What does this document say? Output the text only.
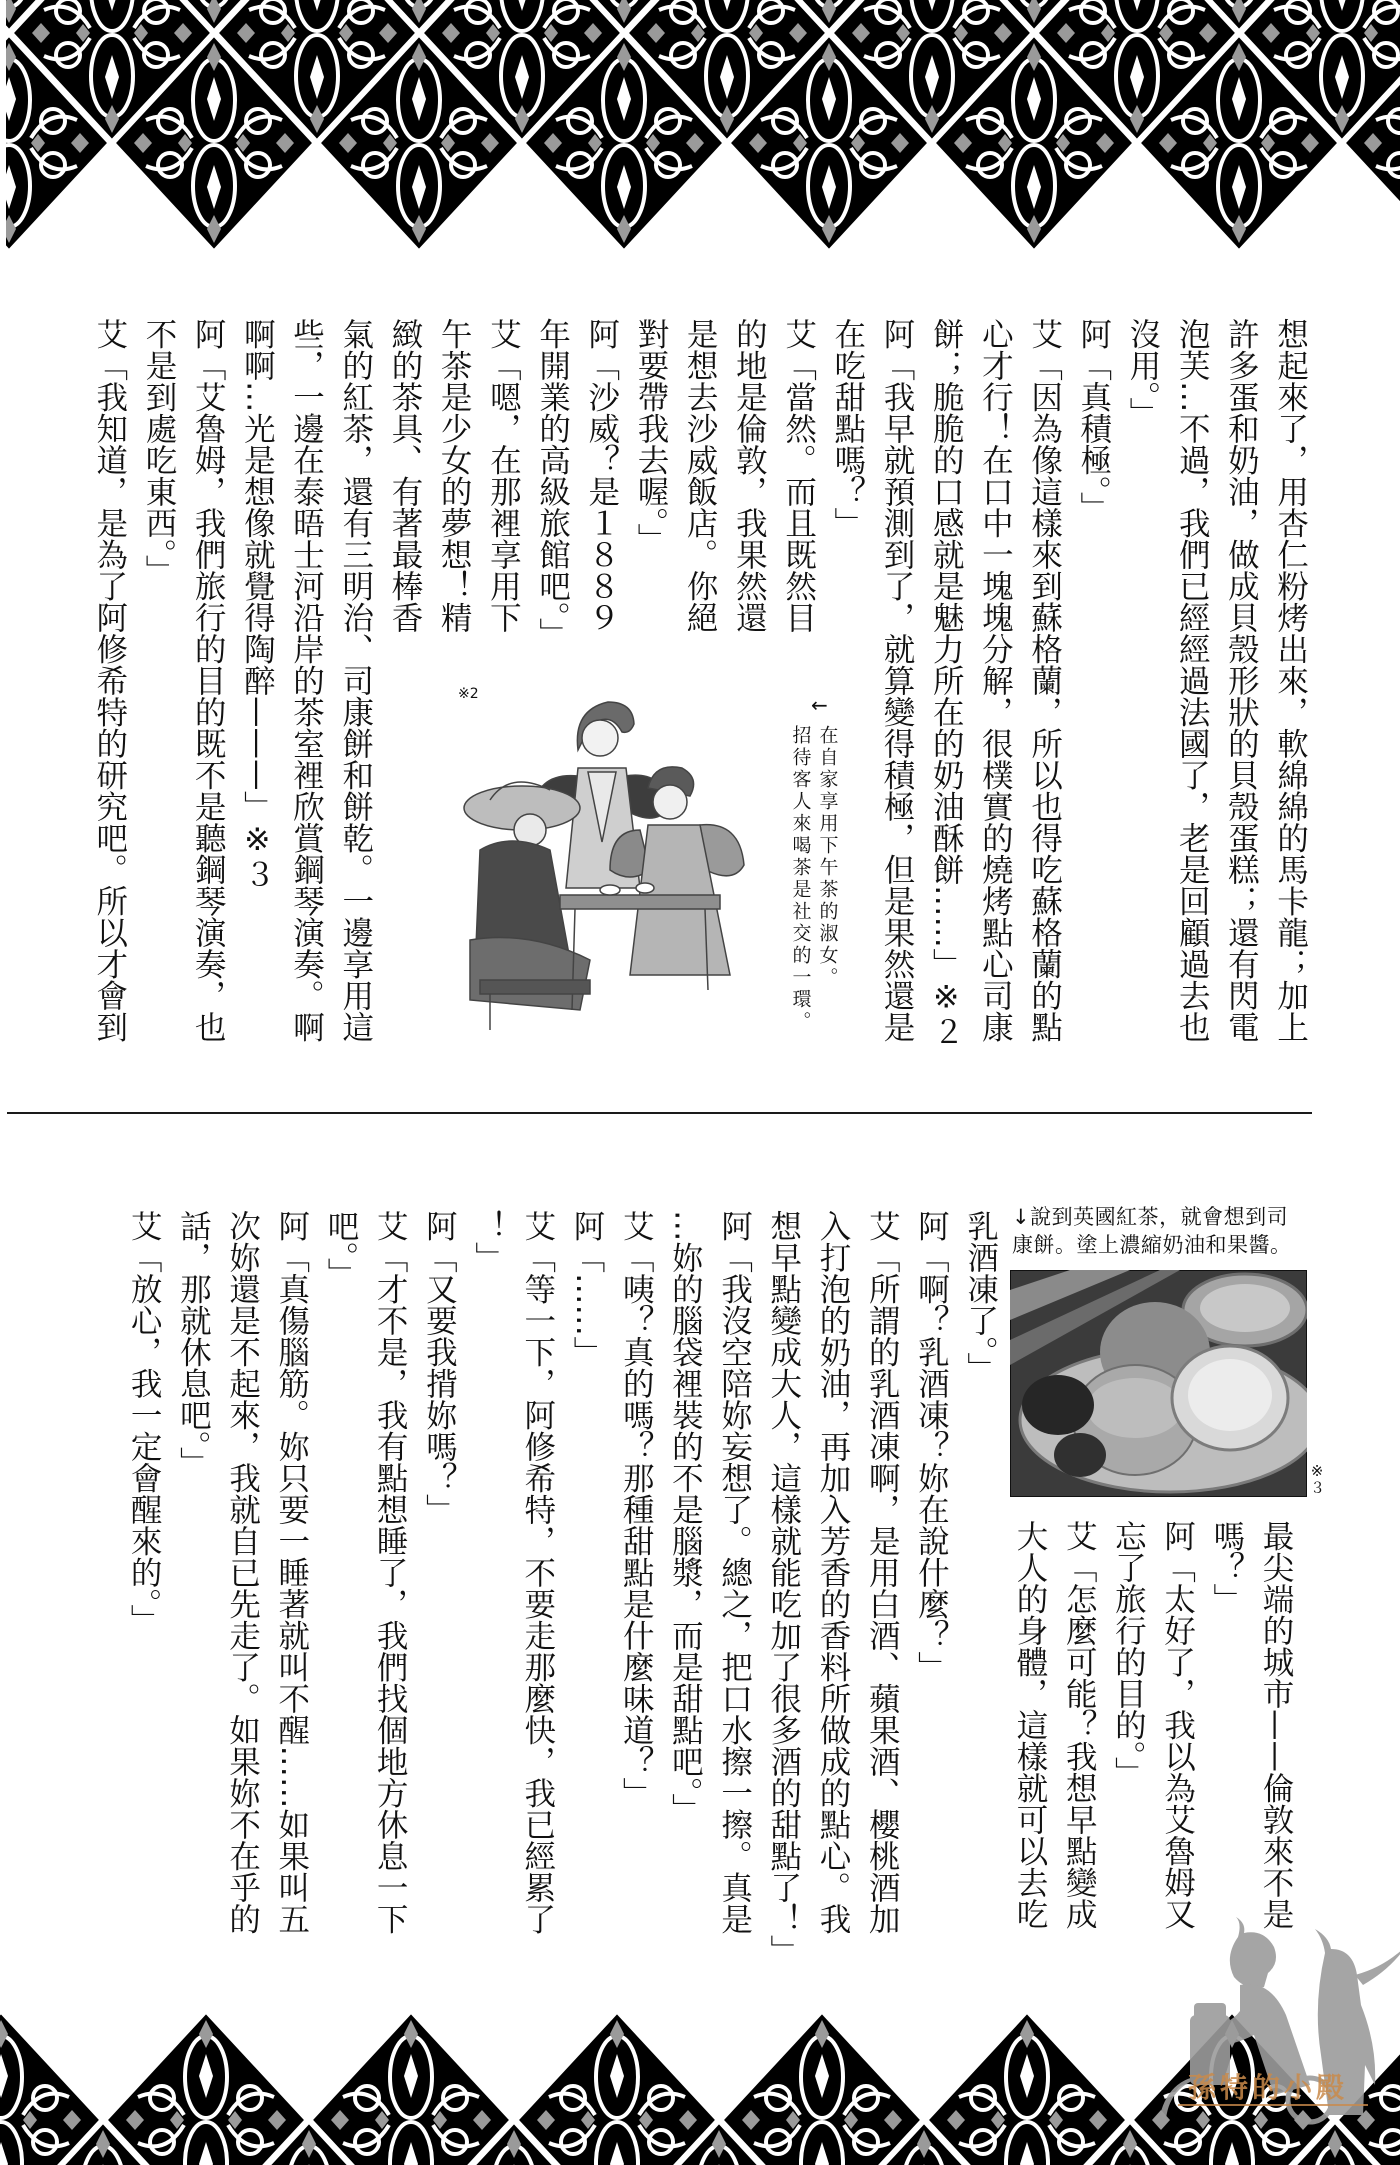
想起來了，用杏仁粉烤出來，軟綿綿的馬卡龍；加上
許多蛋和奶油，做成貝殼形狀的貝殼蛋糕；還有閃電
泡芙…不過，我們已經經過法國了，老是回顧過去也
沒用。」
阿「真積極。」
艾「因為像這樣來到蘇格蘭，所以也得吃蘇格蘭的點
心才行！在口中一塊塊分解，很樸實的燒烤點心司康
餅；脆脆的口感就是魅力所在的奶油酥餅……」※２
阿「我早就預測到了，就算變得積極，但是果然還是
在吃甜點嗎？」
艾「當然。而且既然目
的地是倫敦，我果然還
是想去沙威飯店。你絕
對要帶我去喔。」
阿「沙威？是１８８９
年開業的高級旅館吧。」
艾「嗯，在那裡享用下
午茶是少女的夢想！精
緻的茶具、有著最棒香
氣的紅茶，還有三明治、司康餅和餅乾。一邊享用這
些，一邊在泰晤士河沿岸的茶室裡欣賞鋼琴演奏。啊
啊啊…光是想像就覺得陶醉———」※３
阿「艾魯姆，我們旅行的目的既不是聽鋼琴演奏，也
不是到處吃東西。」
艾「我知道，是為了阿修希特的研究吧。所以才會到	※2	←
在自家享用下午茶的淑女。
招待客人來喝茶是社交的一環。
↓說到英國紅茶，就會想到司
康餅。塗上濃縮奶油和果醬。
※３
最尖端的城市——倫敦來不是
嗎？」
阿「太好了，我以為艾魯姆又
忘了旅行的目的。」
艾「怎麼可能？我想早點變成
大人的身體，這樣就可以去吃
乳酒凍了。」
阿「啊？乳酒凍？妳在說什麼？」
艾「所謂的乳酒凍啊，是用白酒、蘋果酒、櫻桃酒加
入打泡的奶油，再加入芳香的香料所做成的點心。我
想早點變成大人，這樣就能吃加了很多酒的甜點了！」
阿「我沒空陪妳妄想了。總之，把口水擦一擦。真是
…妳的腦袋裡裝的不是腦漿，而是甜點吧。」
艾「咦？真的嗎？那種甜點是什麼味道？」
阿「……」
艾「等一下，阿修希特，不要走那麼快，我已經累了
！」
阿「又要我揹妳嗎？」
艾「才不是，我有點想睡了，我們找個地方休息一下
吧。」
阿「真傷腦筋。妳只要一睡著就叫不醒……如果叫五
次妳還是不起來，我就自已先走了。如果妳不在乎的
話，那就休息吧。」
艾「放心，我一定會醒來的。」
孫特的小殿
